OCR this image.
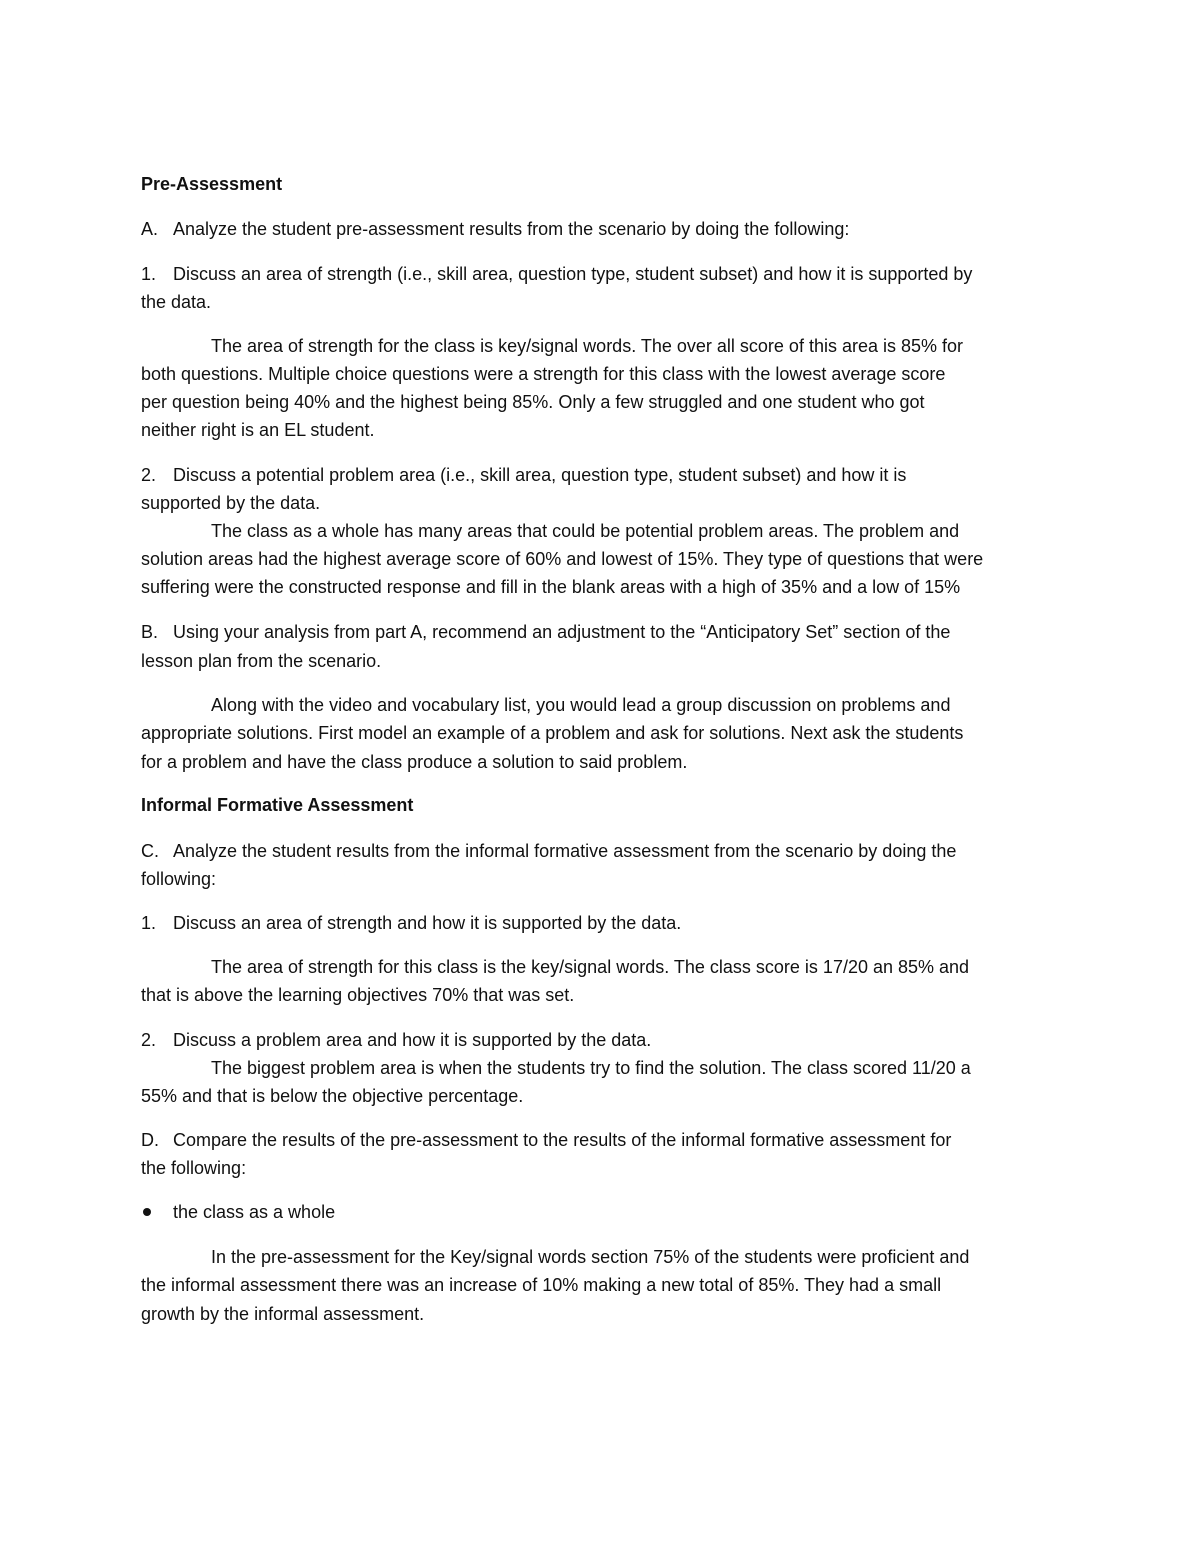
Pre-Assessment

A. Analyze the student pre-assessment results from the scenario by doing the following:

1. Discuss an area of strength (i.e., skill area, question type, student subset) and how it is supported by

the data.

The area of strength for the class is key/signal words. The over all score of this area is 85% for

both questions. Multiple choice questions were a strength for this class with the lowest average score

per question being 40% and the highest being 85%. Only a few struggled and one student who got

neither right is an EL student.

2. Discuss a potential problem area (i.e., skill area, question type, student subset) and how it is

supported by the data.

The class as a whole has many areas that could be potential problem areas. The problem and

solution areas had the highest average score of 60% and lowest of 15%. They type of questions that were

suffering were the constructed response and fill in the blank areas with a high of 35% and a low of 15%

B. Using your analysis from part A, recommend an adjustment to the “Anticipatory Set” section of the

lesson plan from the scenario.

Along with the video and vocabulary list, you would lead a group discussion on problems and

appropriate solutions. First model an example of a problem and ask for solutions. Next ask the students

for a problem and have the class produce a solution to said problem.

Informal Formative Assessment

C. Analyze the student results from the informal formative assessment from the scenario by doing the

following:

1. Discuss an area of strength and how it is supported by the data.

The area of strength for this class is the key/signal words. The class score is 17/20 an 85% and

that is above the learning objectives 70% that was set.

2. Discuss a problem area and how it is supported by the data.

The biggest problem area is when the students try to find the solution. The class scored 11/20 a

55% and that is below the objective percentage.

D. Compare the results of the pre-assessment to the results of the informal formative assessment for

the following:

the class as a whole

In the pre-assessment for the Key/signal words section 75% of the students were proficient and

the informal assessment there was an increase of 10% making a new total of 85%. They had a small

growth by the informal assessment.
